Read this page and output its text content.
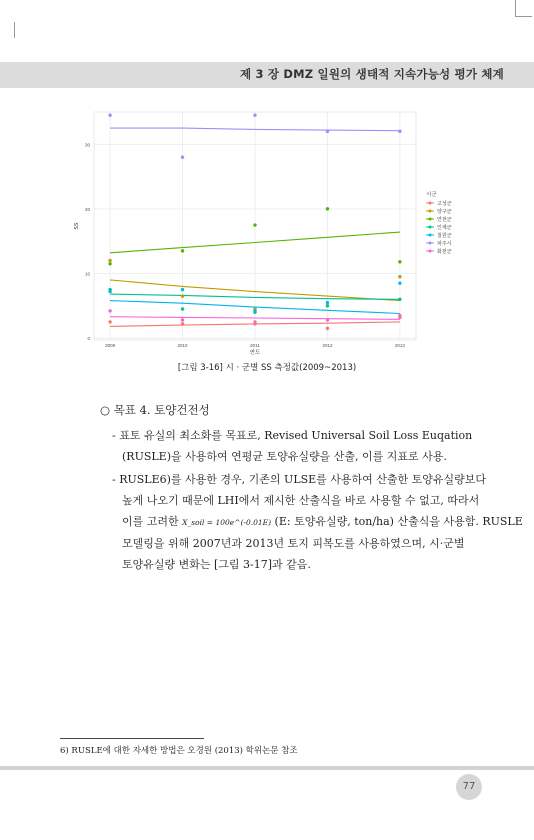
제 3 장 DMZ 일원의 생태적 지속가능성 평가 체계
0
10
20
30
2009	2010	2011	2012	2013
연도
SS
시군
고성군
양구군
연천군
인제군
철원군
파주시
화천군
[그림 3-16] 시 · 군별 SS 측정값(2009~2013)
○ 목표 4. 토양건전성
- 표토 유실의 최소화를 목표로, Revised Universal Soil Loss Euqation
(RUSLE)을 사용하여 연평균 토양유실량을 산출, 이를 지표로 사용.
- RUSLE6)를 사용한 경우, 기존의 ULSE를 사용하여 산출한 토양유실량보다
높게 나오기 때문에 LHI에서 제시한 산출식을 바로 사용할 수 없고, 따라서
이를 고려한 X_soil = 100e^(-0.01E) (E: 토양유실량, ton/ha) 산출식을 사용함. RUSLE
모델링을 위해 2007년과 2013년 토지 피복도를 사용하였으며, 시·군별
토양유실량 변화는 [그림 3-17]과 같음.
6) RUSLE에 대한 자세한 방법은 오경원 (2013) 학위논문 참조
77
